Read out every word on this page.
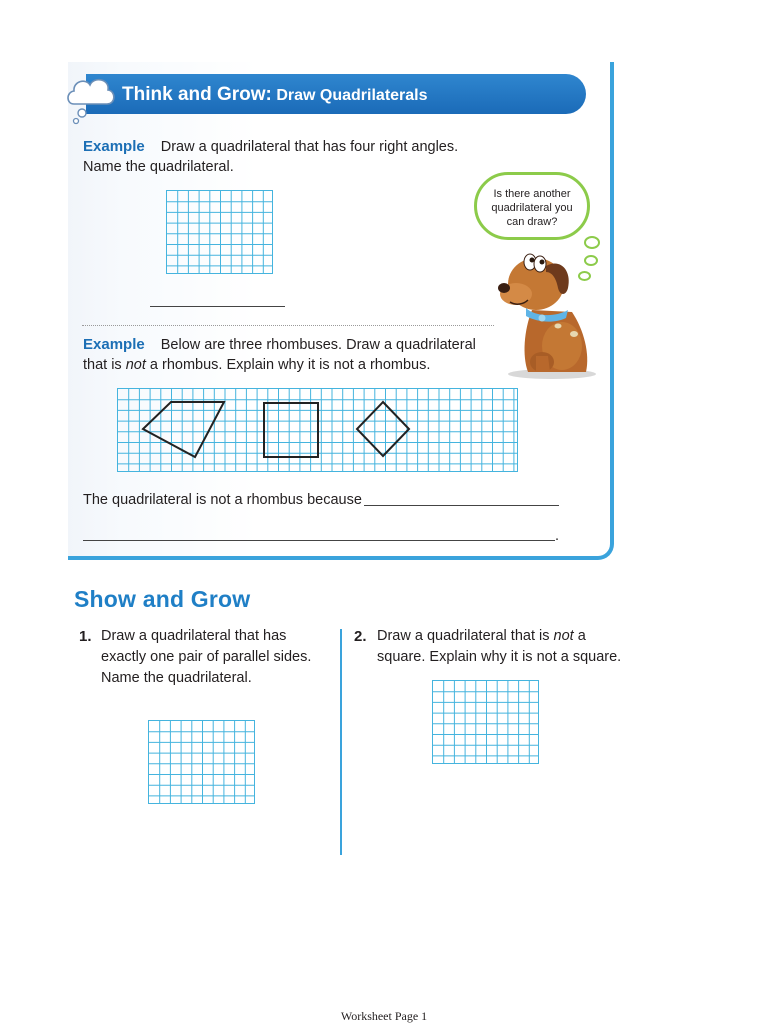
Think and Grow: Draw Quadrilaterals
Example Draw a quadrilateral that has four right angles.
Name the quadrilateral.
Is there another
quadrilateral you
can draw?
Example Below are three rhombuses. Draw a quadrilateral
that is not a rhombus. Explain why it is not a rhombus.
The quadrilateral is not a rhombus because
.
Show and Grow
1. Draw a quadrilateral that has
exactly one pair of parallel sides.
Name the quadrilateral.
2. Draw a quadrilateral that is not a
square. Explain why it is not a square.
Worksheet Page 1
